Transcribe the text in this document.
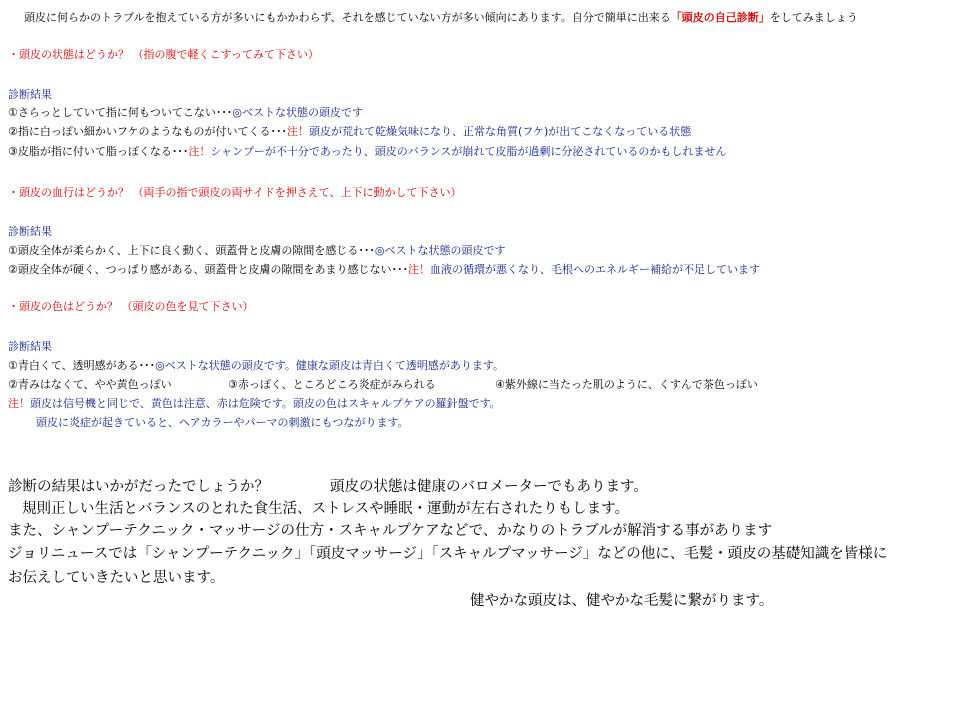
頭皮に何らかのトラブルを抱えている方が多いにもかかわらず、それを感じていない方が多い傾向にあります。自分で簡単に出来る「頭皮の自己診断」をしてみましょう
・頭皮の状態はどうか？ （指の腹で軽くこすってみて下さい）
診断結果
①さらっとしていて指に何もついてこない･･･◎ベストな状態の頭皮です
②指に白っぽい細かいフケのようなものが付いてくる･･･注！頭皮が荒れて乾燥気味になり、正常な角質(フケ)が出てこなくなっている状態
③皮脂が指に付いて脂っぽくなる･･･注！シャンプーが不十分であったり、頭皮のバランスが崩れて皮脂が過剰に分泌されているのかもしれません
・頭皮の血行はどうか？ （両手の指で頭皮の両サイドを押さえて、上下に動かして下さい）
診断結果
①頭皮全体が柔らかく、上下に良く動く、頭蓋骨と皮膚の隙間を感じる･･･◎ベストな状態の頭皮です
②頭皮全体が硬く、つっぱり感がある、頭蓋骨と皮膚の隙間をあまり感じない･･･注！血液の循環が悪くなり、毛根へのエネルギー補給が不足しています
・頭皮の色はどうか？ （頭皮の色を見て下さい）
診断結果
①青白くて、透明感がある･･･◎ベストな状態の頭皮です。健康な頭皮は青白くて透明感があります。
②青みはなくて、やや黄色っぽい	③赤っぽく、ところどころ炎症がみられる	④紫外線に当たった肌のように、くすんで茶色っぽい
注！頭皮は信号機と同じで、黄色は注意、赤は危険です。頭皮の色はスキャルプケアの羅針盤です。
頭皮に炎症が起きていると、ヘアカラーやパーマの刺激にもつながります。
診断の結果はいかがだったでしょうか？	頭皮の状態は健康のバロメーターでもあります。
規則正しい生活とバランスのとれた食生活、ストレスや睡眠・運動が左右されたりもします。
また、シャンプーテクニック・マッサージの仕方・スキャルプケアなどで、かなりのトラブルが解消する事があります
ジョリニュースでは「シャンプーテクニック」「頭皮マッサージ」「スキャルプマッサージ」などの他に、毛髪・頭皮の基礎知識を皆様に
お伝えしていきたいと思います。
健やかな頭皮は、健やかな毛髪に繋がります。
